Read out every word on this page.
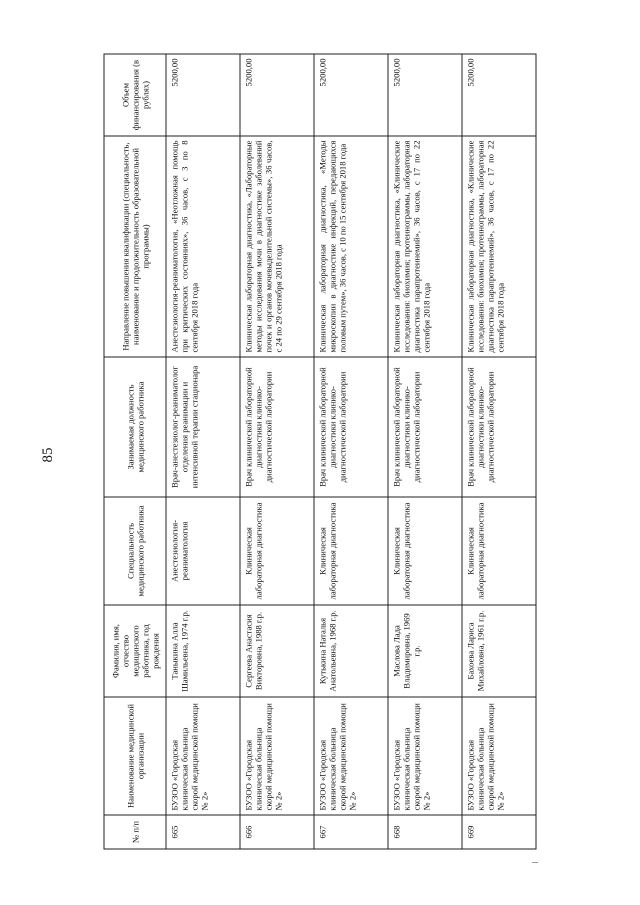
85
№ п/п	Наименование медицинской организации	Фамилия, имя, отчество медицинского работника, год рождения	Специальность медицинского работника	Занимаемая должность медицинского работника	Направление повышения квалификации (специальность, наименование и продолжительность образовательной программы)	Объем финансирования (в рублях)
665	БУЗОО «Городская клиническая больница скорой медицинской помощи № 2»	Таныкина Алла Шамильевна, 1974 г.р.	Анестезиология-реаниматология	Врач-анестезиолог-реаниматолог отделения реанимации и интенсивной терапии стационара	Анестезиология-реаниматология, «Неотложная помощь при критических состояниях», 36 часов, с 3 по 8 сентября 2018 года	5200,00
666	БУЗОО «Городская клиническая больница скорой медицинской помощи № 2»	Сергеева Анастасия Викторовна, 1988 г.р.	Клиническая лабораторная диагностика	Врач клинической лабораторной диагностики клинико-диагностической лаборатории	Клиническая лабораторная диагностика, «Лабораторные методы исследования мочи в диагностике заболеваний почек и органов мочевыделительной системы», 36 часов, с 24 по 29 сентября 2018 года	5200,00
667	БУЗОО «Городская клиническая больница скорой медицинской помощи № 2»	Кутькина Наталья Анатольевна, 1968 г.р.	Клиническая лабораторная диагностика	Врач клинической лабораторной диагностики клинико-диагностической лаборатории	Клиническая лабораторная диагностика, «Методы микроскопии в диагностике инфекций, передающихся половым путем», 36 часов, с 10 по 15 сентября 2018 года	5200,00
668	БУЗОО «Городская клиническая больница скорой медицинской помощи № 2»	Маслова Лада Владимировна, 1969 г.р.	Клиническая лабораторная диагностика	Врач клинической лабораторной диагностики клинико-диагностической лаборатории	Клиническая лабораторная диагностика, «Клинические исследования: биохимия; протеинограммы, лабораторная диагностика парапротеинемий», 36 часов, с 17 по 22 сентября 2018 года	5200,00
669	БУЗОО «Городская клиническая больница скорой медицинской помощи № 2»	Бахоева Лариса Михайловна, 1961 г.р.	Клиническая лабораторная диагностика	Врач клинической лабораторной диагностики клинико-диагностической лаборатории	Клиническая лабораторная диагностика, «Клинические исследования: биохимия; протеинограммы, лабораторная диагностика парапротеинемий», 36 часов, с 17 по 22 сентября 2018 года	5200,00
